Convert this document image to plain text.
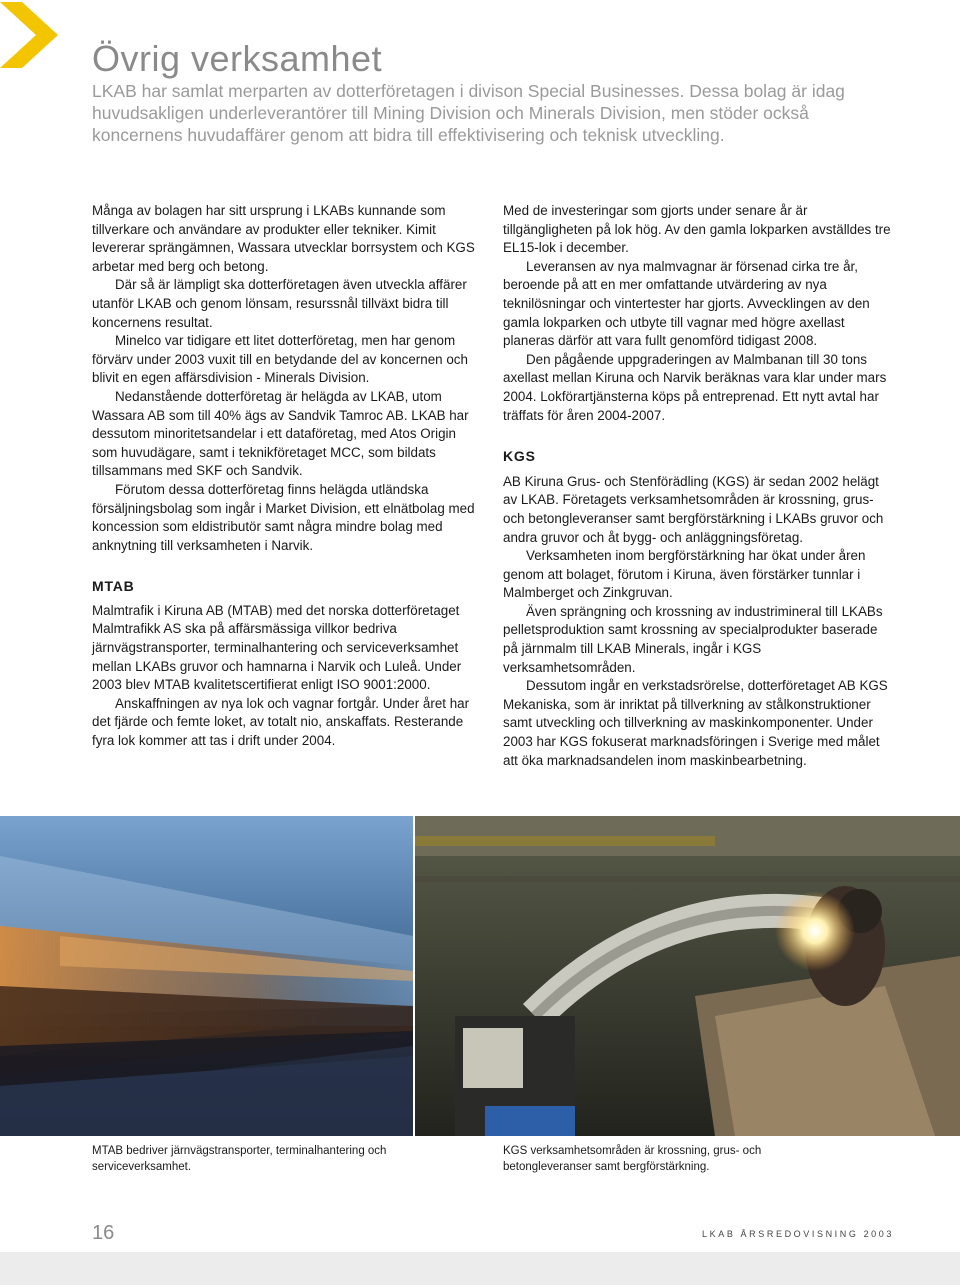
Övrig verksamhet

LKAB har samlat merparten av dotterföretagen i divison Special Businesses. Dessa bolag är idag huvudsakligen underleverantörer till Mining Division och Minerals Division, men stöder också koncernens huvudaffärer genom att bidra till effektivisering och teknisk utveckling.

Många av bolagen har sitt ursprung i LKABs kunnande som tillverkare och användare av produkter eller tekniker. Kimit levererar sprängämnen, Wassara utvecklar borrsystem och KGS arbetar med berg och betong.

Där så är lämpligt ska dotterföretagen även utveckla affärer utanför LKAB och genom lönsam, resurssnål tillväxt bidra till koncernens resultat.

Minelco var tidigare ett litet dotterföretag, men har genom förvärv under 2003 vuxit till en betydande del av koncernen och blivit en egen affärsdivision - Minerals Division.

Nedanstående dotterföretag är helägda av LKAB, utom Wassara AB som till 40% ägs av Sandvik Tamroc AB. LKAB har dessutom minoritetsandelar i ett dataföretag, med Atos Origin som huvudägare, samt i teknikföretaget MCC, som bildats tillsammans med SKF och Sandvik.

Förutom dessa dotterföretag finns helägda utländska försäljningsbolag som ingår i Market Division, ett elnätbolag med koncession som eldistributör samt några mindre bolag med anknytning till verksamheten i Narvik.

MTAB

Malmtrafik i Kiruna AB (MTAB) med det norska dotterföretaget Malmtrafikk AS ska på affärsmässiga villkor bedriva järnvägstransporter, terminalhantering och serviceverksamhet mellan LKABs gruvor och hamnarna i Narvik och Luleå. Under 2003 blev MTAB kvalitetscertifierat enligt ISO 9001:2000.

Anskaffningen av nya lok och vagnar fortgår. Under året har det fjärde och femte loket, av totalt nio, anskaffats. Resterande fyra lok kommer att tas i drift under 2004.

Med de investeringar som gjorts under senare år är tillgängligheten på lok hög. Av den gamla lokparken avställdes tre EL15-lok i december.

Leveransen av nya malmvagnar är försenad cirka tre år, beroende på att en mer omfattande utvärdering av nya teknilösningar och vintertester har gjorts. Avvecklingen av den gamla lokparken och utbyte till vagnar med högre axellast planeras därför att vara fullt genomförd tidigast 2008.

Den pågående uppgraderingen av Malmbanan till 30 tons axellast mellan Kiruna och Narvik beräknas vara klar under mars 2004. Lokförartjänsterna köps på entreprenad. Ett nytt avtal har träffats för åren 2004-2007.

KGS

AB Kiruna Grus- och Stenförädling (KGS) är sedan 2002 helägt av LKAB. Företagets verksamhetsområden är krossning, grus- och betongleveranser samt bergförstärkning i LKABs gruvor och andra gruvor och åt bygg- och anläggningsföretag.

Verksamheten inom bergförstärkning har ökat under åren genom att bolaget, förutom i Kiruna, även förstärker tunnlar i Malmberget och Zinkgruvan.

Även sprängning och krossning av industrimineral till LKABs pelletsproduktion samt krossning av specialprodukter baserade på järnmalm till LKAB Minerals, ingår i KGS verksamhetsområden.

Dessutom ingår en verkstadsrörelse, dotterföretaget AB KGS Mekaniska, som är inriktat på tillverkning av stålkonstruktioner samt utveckling och tillverkning av maskinkomponenter. Under 2003 har KGS fokuserat marknadsföringen i Sverige med målet att öka marknadsandelen inom maskinbearbetning.

MTAB bedriver järnvägstransporter, terminalhantering och serviceverksamhet.

KGS verksamhetsområden är krossning, grus- och betongleveranser samt bergförstärkning.

16	LKAB ÅRSREDOVISNING 2003
